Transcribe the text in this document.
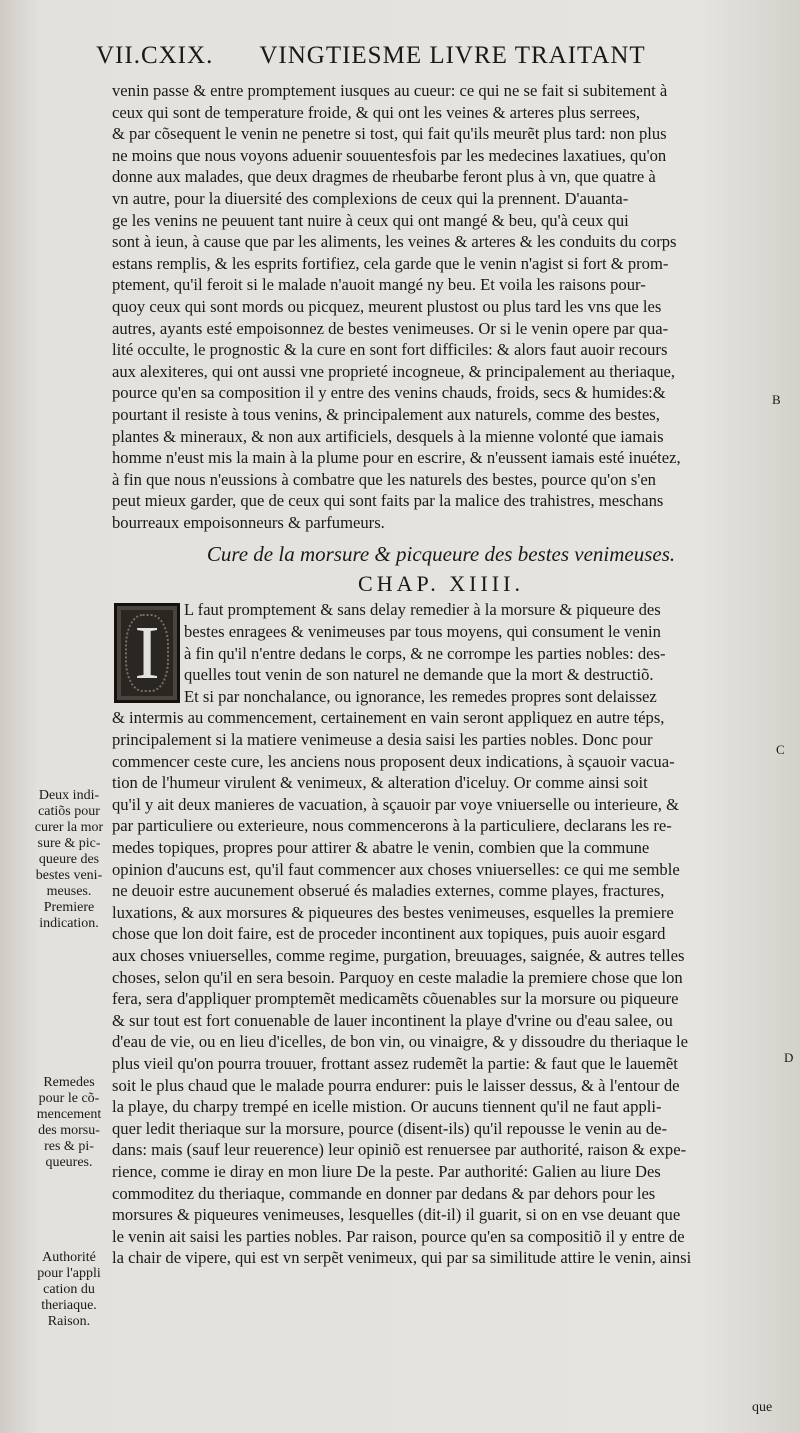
VII.CXIX. VINGTIESME LIVRE TRAITANT
venin passe & entre promptement iusques au cueur: ce qui ne se fait si subitement à
ceux qui sont de temperature froide, & qui ont les veines & arteres plus serrees,
& par cõsequent le venin ne penetre si tost, qui fait qu'ils meurẽt plus tard: non plus
ne moins que nous voyons aduenir souuentesfois par les medecines laxatiues, qu'on
donne aux malades, que deux dragmes de rheubarbe feront plus à vn, que quatre à
vn autre, pour la diuersité des complexions de ceux qui la prennent. D'auanta-
ge les venins ne peuuent tant nuire à ceux qui ont mangé & beu, qu'à ceux qui
sont à ieun, à cause que par les aliments, les veines & arteres & les conduits du corps
estans remplis, & les esprits fortifiez, cela garde que le venin n'agist si fort & prom-
ptement, qu'il feroit si le malade n'auoit mangé ny beu. Et voila les raisons pour-
quoy ceux qui sont mords ou picquez, meurent plustost ou plus tard les vns que les
autres, ayants esté empoisonnez de bestes venimeuses. Or si le venin opere par qua-
lité occulte, le prognostic & la cure en sont fort difficiles: & alors faut auoir recours
aux alexiteres, qui ont aussi vne proprieté incogneue, & principalement au theriaque,
pource qu'en sa composition il y entre des venins chauds, froids, secs & humides:&
pourtant il resiste à tous venins, & principalement aux naturels, comme des bestes,
plantes & mineraux, & non aux artificiels, desquels à la mienne volonté que iamais
homme n'eust mis la main à la plume pour en escrire, & n'eussent iamais esté inuétez,
à fin que nous n'eussions à combatre que les naturels des bestes, pource qu'on s'en
peut mieux garder, que de ceux qui sont faits par la malice des trahistres, meschans
bourreaux empoisonneurs & parfumeurs.
Cure de la morsure & picqueure des bestes venimeuses.
CHAP. XIIII.
I
L faut promptement & sans delay remedier à la morsure & piqueure des
bestes enragees & venimeuses par tous moyens, qui consument le venin
à fin qu'il n'entre dedans le corps, & ne corrompe les parties nobles: des-
quelles tout venin de son naturel ne demande que la mort & destructiõ.
Et si par nonchalance, ou ignorance, les remedes propres sont delaissez
& intermis au commencement, certainement en vain seront appliquez en autre téps,
principalement si la matiere venimeuse a desia saisi les parties nobles. Donc pour
commencer ceste cure, les anciens nous proposent deux indications, à sçauoir vacua-
tion de l'humeur virulent & venimeux, & alteration d'iceluy. Or comme ainsi soit
qu'il y ait deux manieres de vacuation, à sçauoir par voye vniuerselle ou interieure, &
par particuliere ou exterieure, nous commencerons à la particuliere, declarans les re-
medes topiques, propres pour attirer & abatre le venin, combien que la commune
opinion d'aucuns est, qu'il faut commencer aux choses vniuerselles: ce qui me semble
ne deuoir estre aucunement obserué és maladies externes, comme playes, fractures,
luxations, & aux morsures & piqueures des bestes venimeuses, esquelles la premiere
chose que lon doit faire, est de proceder incontinent aux topiques, puis auoir esgard
aux choses vniuerselles, comme regime, purgation, breuuages, saignée, & autres telles
choses, selon qu'il en sera besoin. Parquoy en ceste maladie la premiere chose que lon
fera, sera d'appliquer promptemẽt medicamẽts cõuenables sur la morsure ou piqueure
& sur tout est fort conuenable de lauer incontinent la playe d'vrine ou d'eau salee, ou
d'eau de vie, ou en lieu d'icelles, de bon vin, ou vinaigre, & y dissoudre du theriaque le
plus vieil qu'on pourra trouuer, frottant assez rudemẽt la partie: & faut que le lauemẽt
soit le plus chaud que le malade pourra endurer: puis le laisser dessus, & à l'entour de
la playe, du charpy trempé en icelle mistion. Or aucuns tiennent qu'il ne faut appli-
quer ledit theriaque sur la morsure, pource (disent-ils) qu'il repousse le venin au de-
dans: mais (sauf leur reuerence) leur opiniõ est renuersee par authorité, raison & expe-
rience, comme ie diray en mon liure De la peste. Par authorité: Galien au liure Des
commoditez du theriaque, commande en donner par dedans & par dehors pour les
morsures & piqueures venimeuses, lesquelles (dit-il) il guarit, si on en vse deuant que
le venin ait saisi les parties nobles. Par raison, pource qu'en sa compositiõ il y entre de
la chair de vipere, qui est vn serpẽt venimeux, qui par sa similitude attire le venin, ainsi
Deux indi-
catiõs pour
curer la mor
sure & pic-
queure des
bestes veni-
meuses.
Premiere
indication.
Remedes
pour le cõ-
mencement
des morsu-
res & pi-
queures.
Authorité
pour l'appli
cation du
theriaque.
Raison.
B
C
D
que
